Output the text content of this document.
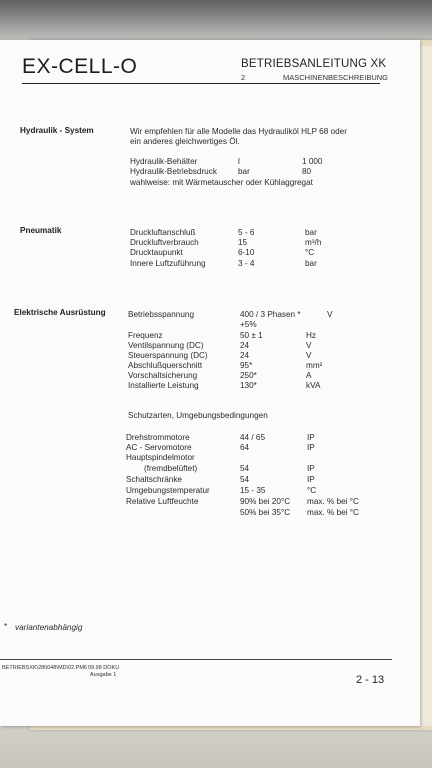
EX-CELL-O	BETRIEBSANLEITUNG XK
2	MASCHINENBESCHREIBUNG
Hydraulik - System	Wir empfehlen für alle Modelle das Hydrauliköl HLP 68 oder
ein anderes gleichwertiges Öl.
Hydraulik-Behälter	l	1 000
Hydraulik-Betriebsdruck	bar	80
wahlweise: mit Wärmetauscher oder Kühlaggregat
Pneumatik	Druckluftanschluß	5 - 6	bar
Druckluftverbrauch	15	m³/h
Drucktaupunkt	6-10	°C
Innere Luftzuführung	3 - 4	bar
Elektrische Ausrüstung	Betriebsspannung	400 / 3 Phasen *	V
+5%
Frequenz	50 ± 1	Hz
Ventilspannung (DC)	24	V
Steuerspannung (DC)	24	V
Abschlußquerschnitt	95*	mm²
Vorschaltsicherung	250*	A
Installierte Leistung	130*	kVA
Schutzarten, Umgebungsbedingungen
Drehstrommotore	44 / 65	IP
AC - Servomotore	64	IP
Hauptspindelmotor
(fremdbelüftet)	54	IP
Schaltschränke	54	IP
Umgebungstemperatur	15 - 35	°C
Relative Luftfeuchte	90% bei 20°C max. % bei °C
50% bei 35°C max. % bei °C
* variantenabhängig
BETRIEBSXK\280048\MD\02.PM6 09.98 DOKU
Ausgabe 1	2 - 13
